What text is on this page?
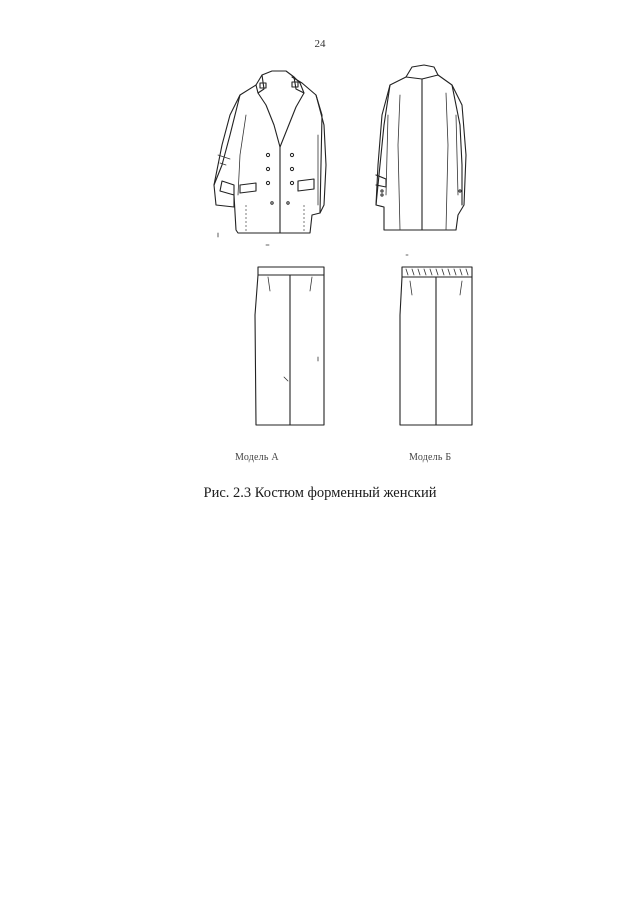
24
Модель А	Модель Б
Рис. 2.3 Костюм форменный женский
